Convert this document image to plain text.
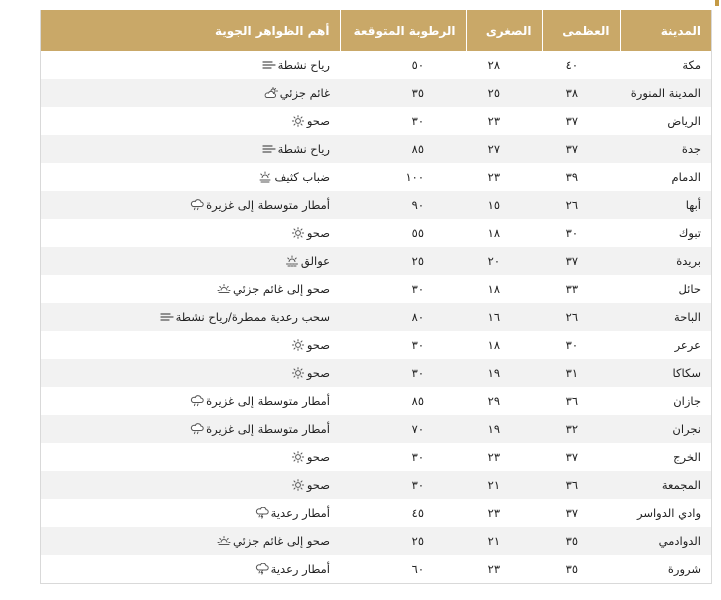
المدينة	العظمى	الصغرى	الرطوبة المتوقعة	أهم الظواهر الجوية
مكة	٤٠	٢٨	٥٠	رياح نشطة

المدينة المنورة	٣٨	٢٥	٣٥	غائم جزئي

الرياض	٣٧	٢٣	٣٠	صحو

جدة	٣٧	٢٧	٨٥	رياح نشطة

الدمام	٣٩	٢٣	١٠٠	ضباب كثيف

أبها	٢٦	١٥	٩٠	أمطار متوسطة إلى غزيرة

تبوك	٣٠	١٨	٥٥	صحو

بريدة	٣٧	٢٠	٢٥	عوالق

حائل	٣٣	١٨	٣٠	صحو إلى غائم جزئي

الباحة	٢٦	١٦	٨٠	سحب رعدية ممطرة/رياح نشطة

عرعر	٣٠	١٨	٣٠	صحو

سكاكا	٣١	١٩	٣٠	صحو

جازان	٣٦	٢٩	٨٥	أمطار متوسطة إلى غزيرة

نجران	٣٢	١٩	٧٠	أمطار متوسطة إلى غزيرة

الخرج	٣٧	٢٣	٣٠	صحو

المجمعة	٣٦	٢١	٣٠	صحو

وادي الدواسر	٣٧	٢٣	٤٥	أمطار رعدية

الدوادمي	٣٥	٢١	٢٥	صحو إلى غائم جزئي

شرورة	٣٥	٢٣	٦٠	أمطار رعدية
